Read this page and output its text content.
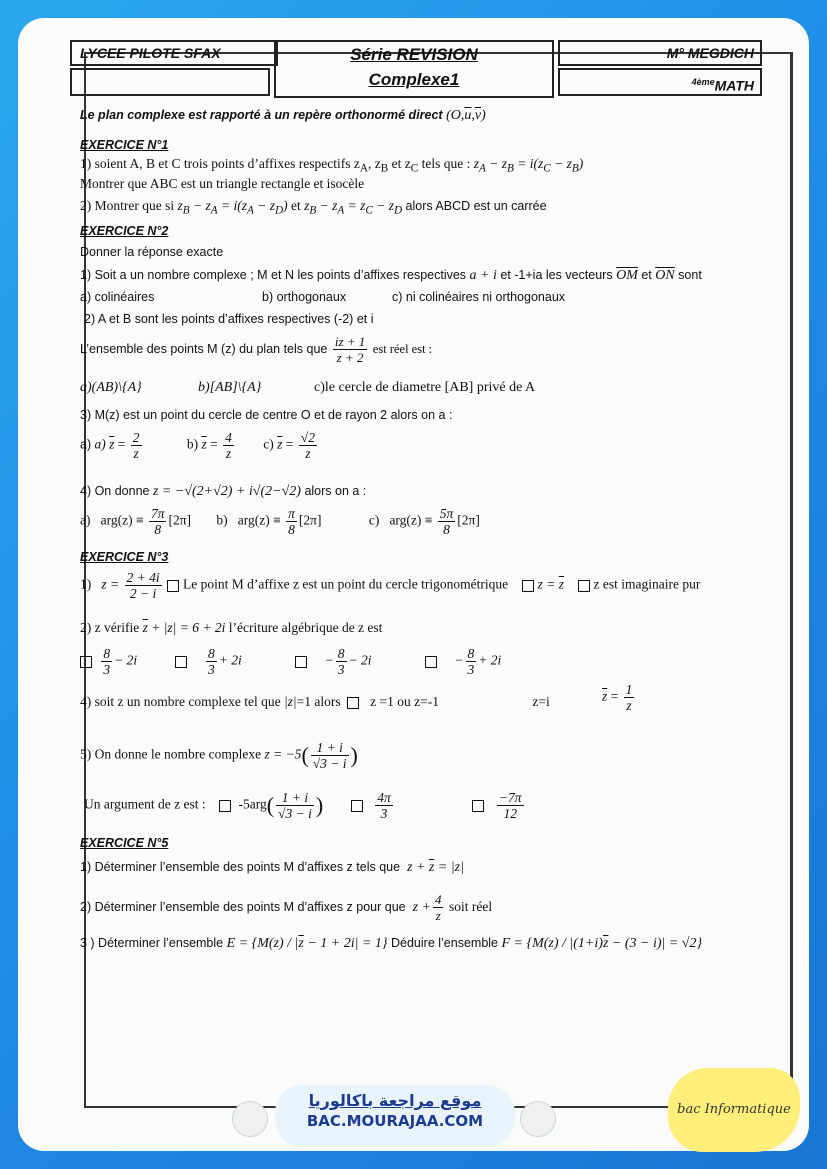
LYCEE PILOTE SFAX	Série REVISION
Complexe1
M° MEGDICH
$^{4ème}$MATH
Le plan complexe est rapporté à un repère orthonormé direct $(O,\overline{u},\overline{v})$
EXERCICE N°1
1) soient A, B et C trois points d’affixes respectifs $z_A$, $z_B$ et $z_C$ tels que : $z_A - z_B = i(z_C - z_B)$
Montrer que ABC est un triangle rectangle et isocèle
2) Montrer que si $z_B - z_A = i(z_A - z_D)$ et $z_B - z_A = z_C - z_D$ alors ABCD est un carrée
EXERCICE N°2
Donner la réponse exacte
1) Soit a un nombre complexe ; M et N les points d’affixes respectives a + i et -1+ia les vecteurs $\overline{OM}$ et $\overline{ON}$ sont
a) colinéaires	b) orthogonaux	c) ni colinéaires ni orthogonaux
2) A et B sont les points d’affixes respectives (-2) et i
L’ensemble des points M (z) du plan tels que $\frac{iz + 1}{z + 2}$ est réel est :
a)(AB)\{A}	b)[AB]\{A}	c)le cercle de diametre [AB] privé de A
3) M(z) est un point du cercle de centre O et de rayon 2 alors on a :
a) a) $\overline{z} = \frac{2}{z}$	b) $\overline{z} = \frac{4}{z} c$) $\overline{z} = \frac{√2}{z}$
4) On donne z = −√(2+√2) + i√(2−√2) alors on a :
a)   $arg(z) \equiv \frac{7\pi}{8} [2\pi]$ b)   $arg(z) \equiv \frac{\pi}{8} [2\pi]$	c)   $arg(z) \equiv \frac{5\pi}{8} [2\pi]$
EXERCICE N°3
1)   $z = \frac{2 + 4i}{2 - i}$ Le point M d’affixe z est un point du cercle trigonométrique $z = \overline{z}$ z est imaginaire pur
2) z vérifie $\overline{z} + |z| = 6 + 2i$ l’écriture algébrique de z est

$\frac{8}{3} - 2i$	$\frac{8}{3} + 2i$	− $\frac{8}{3} - 2i$	− $\frac{8}{3} + 2i$
4) soit z un nombre complexe tel que |z|=1 alors z =1 ou z=-1	z=i	$\overline{z} = \frac{1}{z}$
5) On donne le nombre complexe $z = -5( \frac{1 + i}{√3 - i}$ )
Un argument de z est :     $-5arg( \frac{1 + i}{√3 - i}$ )	$\frac{4\pi}{3}$
	$\frac{-7\pi}{12}$
EXERCICE N°5
1) Déterminer l’ensemble des points M d’affixes z tels que $z + \overline{z} = |z|$
2) Déterminer l’ensemble des points M d’affixes z pour que $z + \frac{4}{z}$ soit réel
3 ) Déterminer l’ensemble $E = \{M(z) / |\overline{z} - 1 + 2i| = 1\}$ Déduire l’ensemble $F = \{M(z) / |(1+i)\overline{z} - (3 - i)| = √2\}$
موقع مراجعة باكالوريا
BAC.MOURAJAA.COM
bac Informatique
